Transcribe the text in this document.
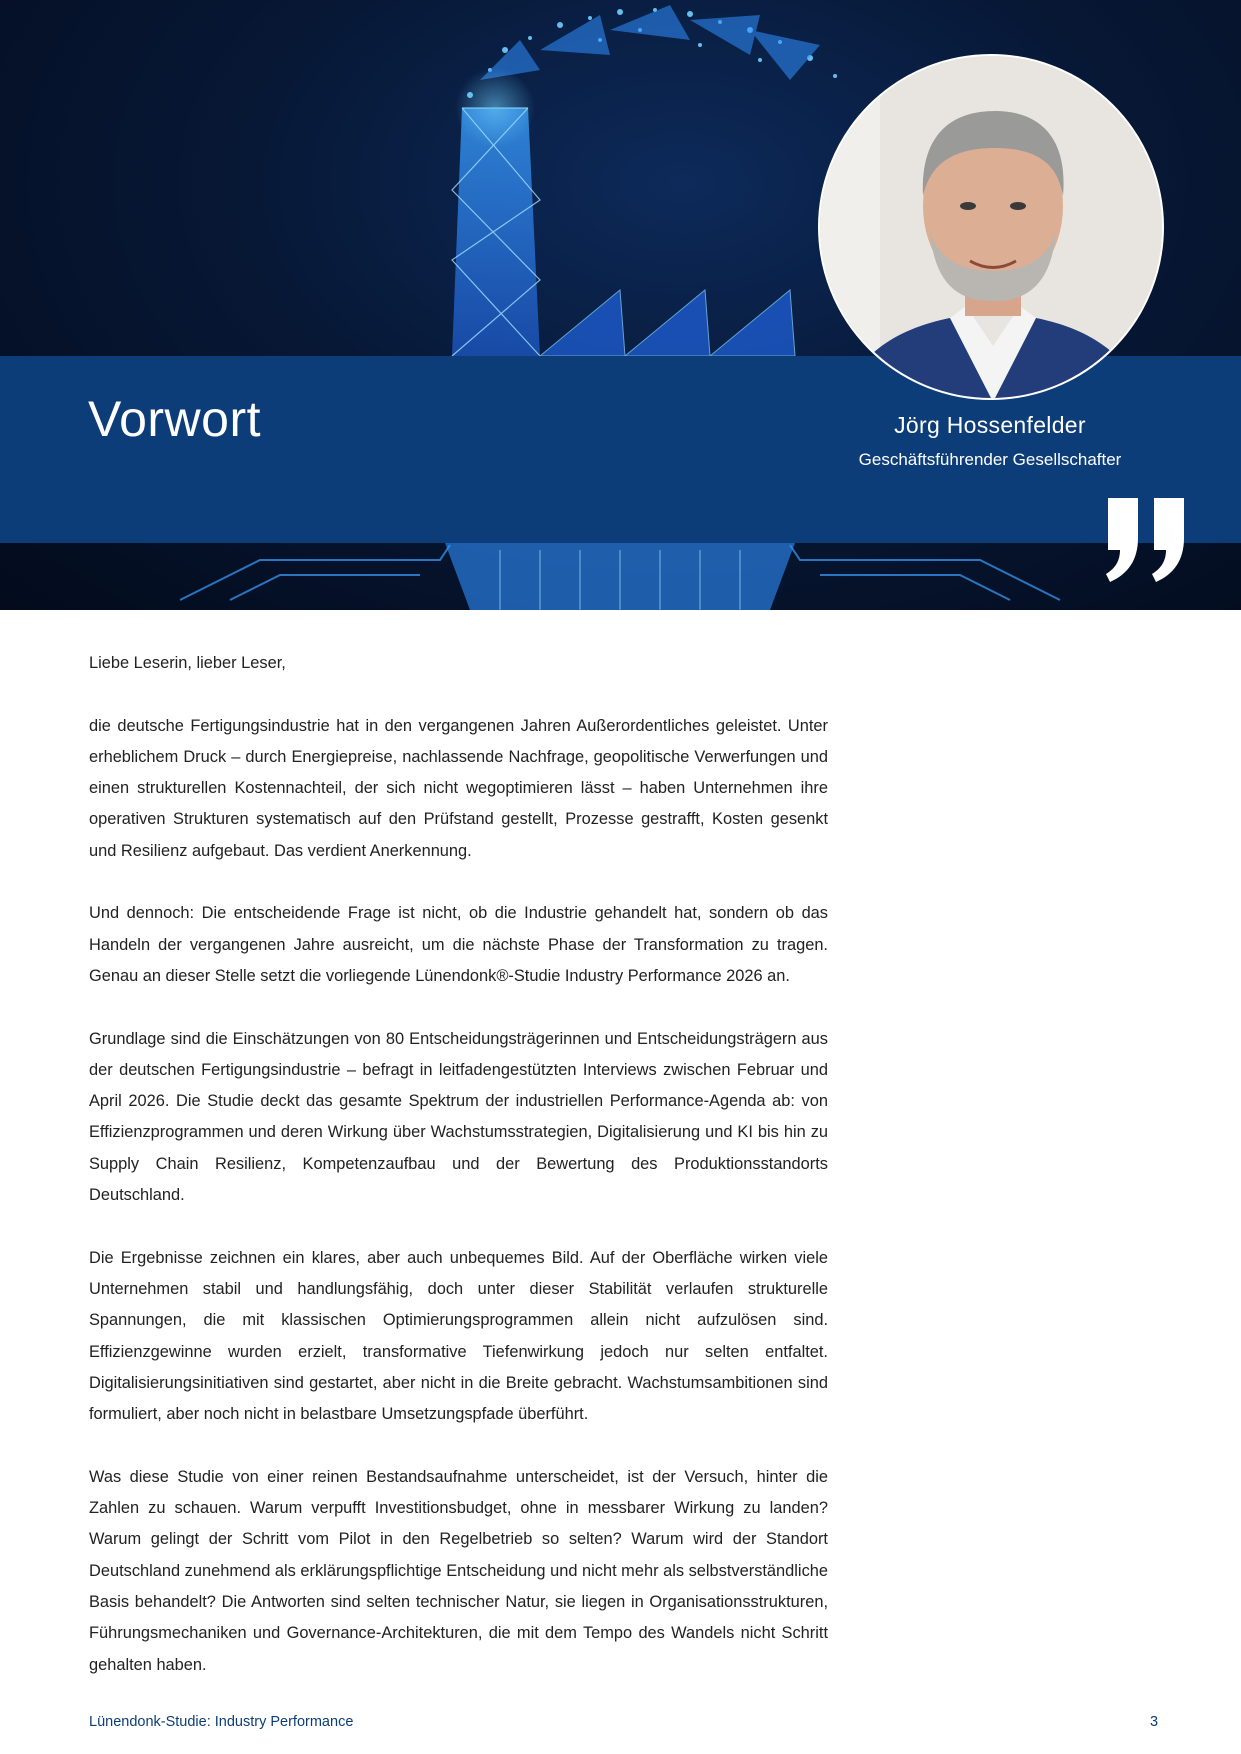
Vorwort	Jörg Hossenfelder
Geschäftsführender Gesellschafter

Liebe Leserin, lieber Leser,

die deutsche Fertigungsindustrie hat in den vergangenen Jahren Außerordentliches geleistet. Unter erheblichem Druck – durch Energiepreise, nachlassende Nachfrage, geopolitische Verwerfungen und einen strukturellen Kostennachteil, der sich nicht wegoptimieren lässt – haben Unternehmen ihre operativen Strukturen systematisch auf den Prüfstand gestellt, Prozesse gestrafft, Kosten gesenkt und Resilienz aufgebaut. Das verdient Anerkennung.

Und dennoch: Die entscheidende Frage ist nicht, ob die Industrie gehandelt hat, sondern ob das Handeln der vergangenen Jahre ausreicht, um die nächste Phase der Transformation zu tragen. Genau an dieser Stelle setzt die vorliegende Lünendonk®-Studie Industry Performance 2026 an.

Grundlage sind die Einschätzungen von 80 Entscheidungsträgerinnen und Entscheidungsträgern aus der deutschen Fertigungsindustrie – befragt in leitfadengestützten Interviews zwischen Februar und April 2026. Die Studie deckt das gesamte Spektrum der industriellen Performance-Agenda ab: von Effizienzprogrammen und deren Wirkung über Wachstumsstrategien, Digitalisierung und KI bis hin zu Supply Chain Resilienz, Kompetenzaufbau und der Bewertung des Produktionsstandorts Deutschland.

Die Ergebnisse zeichnen ein klares, aber auch unbequemes Bild. Auf der Oberfläche wirken viele Unternehmen stabil und handlungsfähig, doch unter dieser Stabilität verlaufen strukturelle Spannungen, die mit klassischen Optimierungsprogrammen allein nicht aufzulösen sind. Effizienzgewinne wurden erzielt, transformative Tiefenwirkung jedoch nur selten entfaltet. Digitalisierungsinitiativen sind gestartet, aber nicht in die Breite gebracht. Wachstumsambitionen sind formuliert, aber noch nicht in belastbare Umsetzungspfade überführt.

Was diese Studie von einer reinen Bestandsaufnahme unterscheidet, ist der Versuch, hinter die Zahlen zu schauen. Warum verpufft Investitionsbudget, ohne in messbarer Wirkung zu landen? Warum gelingt der Schritt vom Pilot in den Regelbetrieb so selten? Warum wird der Standort Deutschland zunehmend als erklärungspflichtige Entscheidung und nicht mehr als selbstverständliche Basis behandelt? Die Antworten sind selten technischer Natur, sie liegen in Organisationsstrukturen, Führungsmechaniken und Governance-Architekturen, die mit dem Tempo des Wandels nicht Schritt gehalten haben.

Lünendonk-Studie: Industry Performance	3
